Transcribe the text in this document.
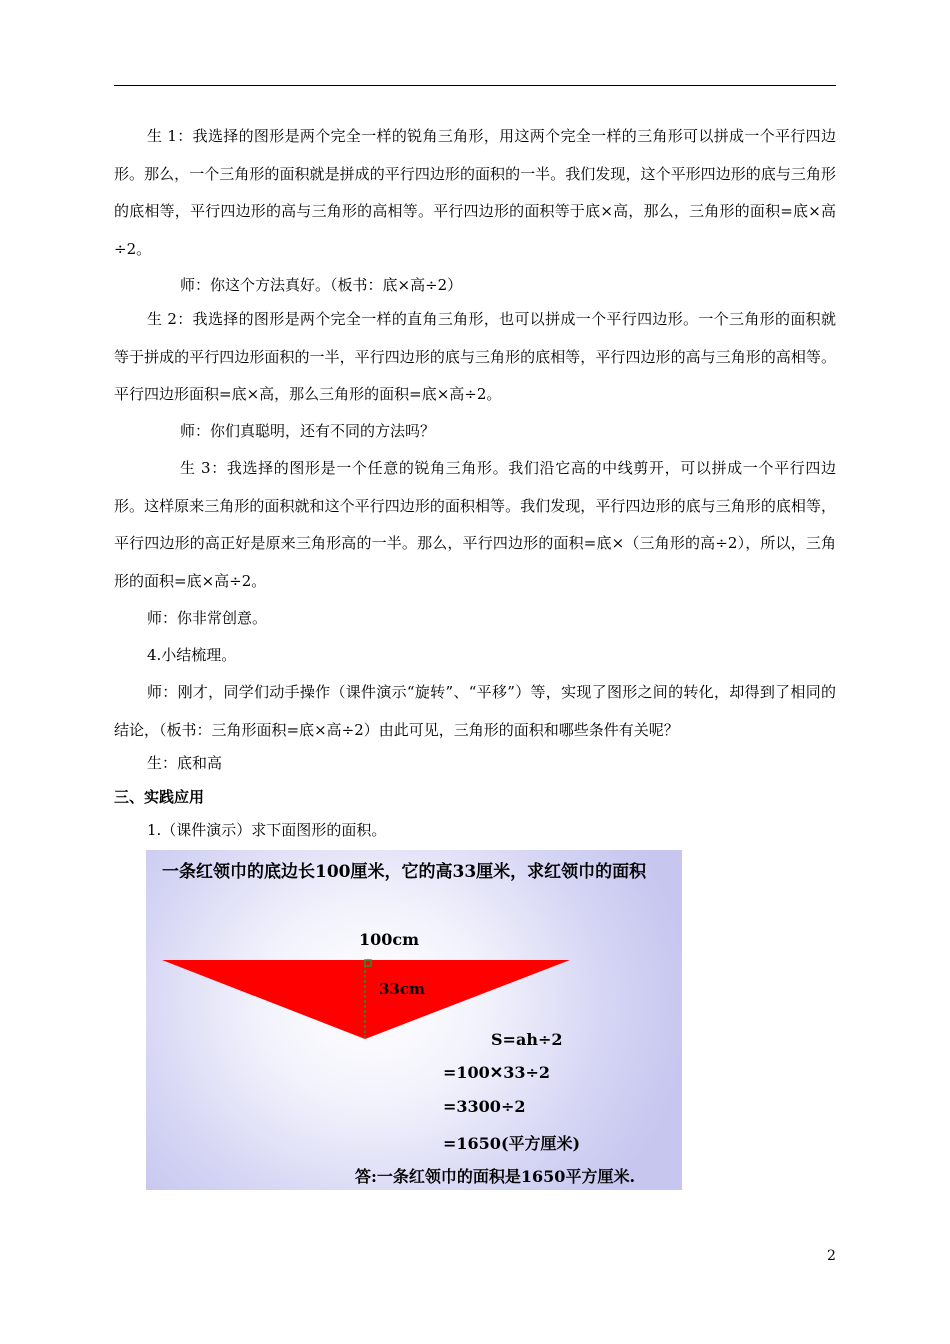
生 1：我选择的图形是两个完全一样的锐角三角形，用这两个完全一样的三角形可以拼成一个平行四边形。那么，一个三角形的面积就是拼成的平行四边形的面积的一半。我们发现，这个平形四边形的底与三角形的底相等，平行四边形的高与三角形的高相等。平行四边形的面积等于底×高，那么，三角形的面积=底×高÷2。

师：你这个方法真好。（板书：底×高÷2）

生 2：我选择的图形是两个完全一样的直角三角形，也可以拼成一个平行四边形。一个三角形的面积就等于拼成的平行四边形面积的一半，平行四边形的底与三角形的底相等，平行四边形的高与三角形的高相等。平行四边形面积=底×高，那么三角形的面积=底×高÷2。

师：你们真聪明，还有不同的方法吗？

生 3：我选择的图形是一个任意的锐角三角形。我们沿它高的中线剪开，可以拼成一个平行四边形。这样原来三角形的面积就和这个平行四边形的面积相等。我们发现，平行四边形的底与三角形的底相等，平行四边形的高正好是原来三角形高的一半。那么，平行四边形的面积=底×（三角形的高÷2），所以，三角形的面积=底×高÷2。

师：你非常创意。

4.小结梳理。

师：刚才，同学们动手操作（课件演示“旋转”、“平移”）等，实现了图形之间的转化，却得到了相同的结论，（板书：三角形面积=底×高÷2）由此可见，三角形的面积和哪些条件有关呢？

生：底和高

三、实践应用

1.（课件演示）求下面图形的面积。

一条红领巾的底边长100厘米，它的高33厘米，求红领巾的面积

100cm
33cm
S=ah÷2
=100✕33÷2
=3300÷2
=1650(平方厘米)
答:一条红领巾的面积是1650平方厘米.
2
